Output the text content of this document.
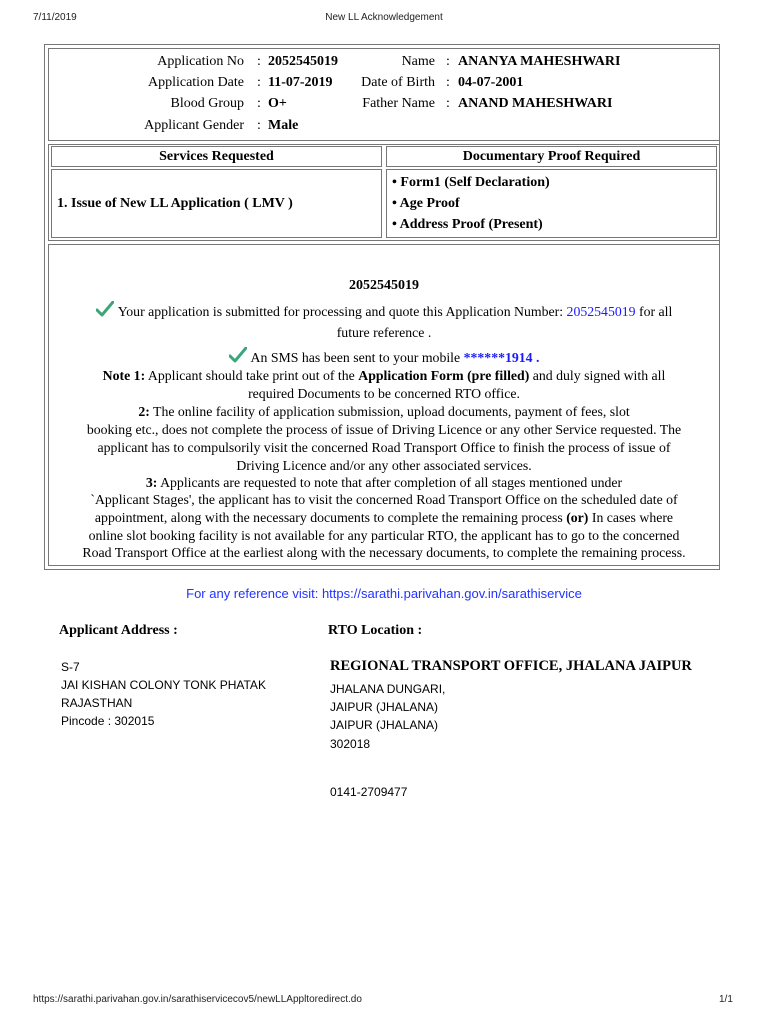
7/11/2019	New LL Acknowledgement
Application No : 2052545019	Name : ANANYA MAHESHWARI
Application Date : 11-07-2019	Date of Birth : 04-07-2001
Blood Group : O+	Father Name : ANAND MAHESHWARI
Applicant Gender : Male
Services Requested	Documentary Proof Required
1. Issue of New LL Application ( LMV )
• Form1 (Self Declaration)
• Age Proof
• Address Proof (Present)
2052545019
Your application is submitted for processing and quote this Application Number: 2052545019 for all
future reference .
An SMS has been sent to your mobile ******1914 .
Note 1: Applicant should take print out of the Application Form (pre filled) and duly signed with all
required Documents to be concerned RTO office.
2: The online facility of application submission, upload documents, payment of fees, slot
booking etc., does not complete the process of issue of Driving Licence or any other Service requested. The
applicant has to compulsorily visit the concerned Road Transport Office to finish the process of issue of
Driving Licence and/or any other associated services.
3: Applicants are requested to note that after completion of all stages mentioned under
`Applicant Stages', the applicant has to visit the concerned Road Transport Office on the scheduled date of
appointment, along with the necessary documents to complete the remaining process (or) In cases where
online slot booking facility is not available for any particular RTO, the applicant has to go to the concerned
Road Transport Office at the earliest along with the necessary documents, to complete the remaining process.
For any reference visit: https://sarathi.parivahan.gov.in/sarathiservice
Applicant Address :
S-7
JAI KISHAN COLONY TONK PHATAK
RAJASTHAN
Pincode : 302015
RTO Location :
REGIONAL TRANSPORT OFFICE, JHALANA JAIPUR
JHALANA DUNGARI,
JAIPUR (JHALANA)
JAIPUR (JHALANA)
302018
0141-2709477
https://sarathi.parivahan.gov.in/sarathiservicecov5/newLLAppltoredirect.do	1/1
